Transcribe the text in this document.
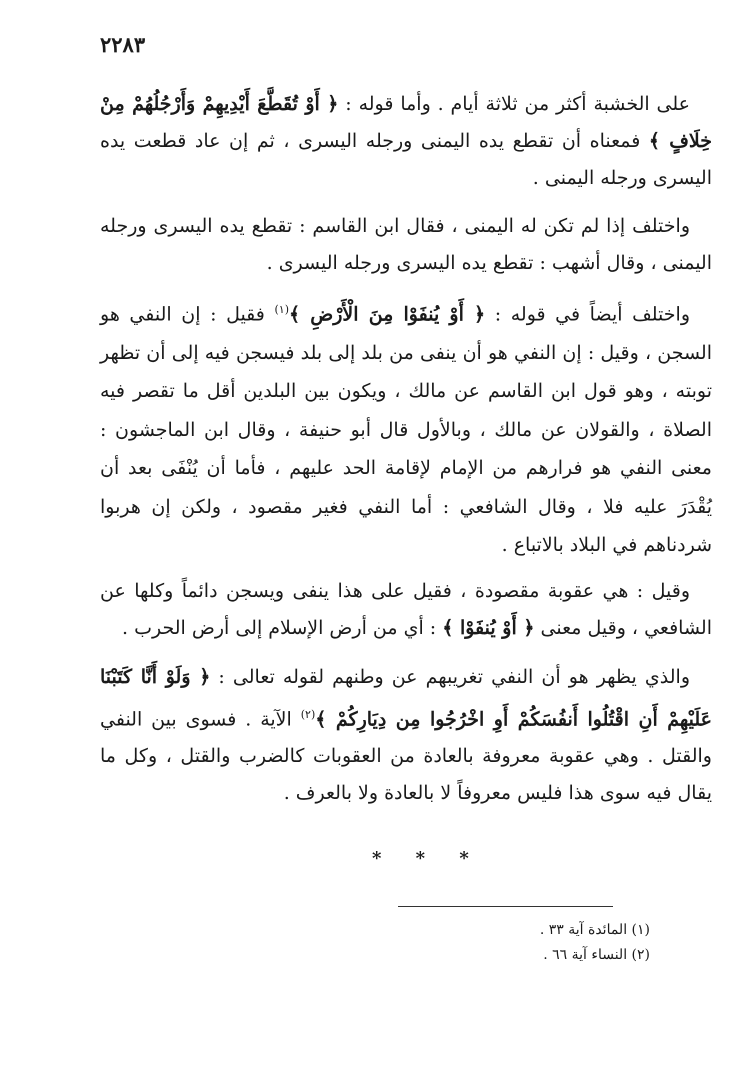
٢٢٨٣

على الخشبة أكثر من ثلاثة أيام . وأما قوله : ﴿ أَوْ تُقَطَّعَ أَيْدِيهِمْ وَأَرْجُلُهُمْ مِنْ خِلَافٍ ﴾ فمعناه أن تقطع يده اليمنى ورجله اليسرى ، ثم إن عاد قطعت يده اليسرى ورجله اليمنى .

واختلف إذا لم تكن له اليمنى ، فقال ابن القاسم : تقطع يده اليسرى ورجله اليمنى ، وقال أشهب : تقطع يده اليسرى ورجله اليسرى .

واختلف أيضاً في قوله : ﴿ أَوْ يُنفَوْا مِنَ الْأَرْضِ ﴾$^{(١)}$ فقيل : إن النفي هو السجن ، وقيل : إن النفي هو أن ينفى من بلد إلى بلد فيسجن فيه إلى أن تظهر توبته ، وهو قول ابن القاسم عن مالك ، ويكون بين البلدين أقل ما تقصر فيه الصلاة ، والقولان عن مالك ، وبالأول قال أبو حنيفة ، وقال ابن الماجشون : معنى النفي هو فرارهم من الإمام لإقامة الحد عليهم ، فأما أن يُنْفَى بعد أن يُقْدَرَ عليه فلا ، وقال الشافعي : أما النفي فغير مقصود ، ولكن إن هربوا شردناهم في البلاد بالاتباع .

وقيل : هي عقوبة مقصودة ، فقيل على هذا ينفى ويسجن دائماً وكلها عن الشافعي ، وقيل معنى ﴿ أَوْ يُنفَوْا ﴾ : أي من أرض الإسلام إلى أرض الحرب .

والذي يظهر هو أن النفي تغريبهم عن وطنهم لقوله تعالى : ﴿ وَلَوْ أَنَّا كَتَبْنَا عَلَيْهِمْ أَنِ اقْتُلُوا أَنفُسَكُمْ أَوِ اخْرُجُوا مِن دِيَارِكُمْ ﴾$^{(٢)}$ الآية . فسوى بين النفي والقتل . وهي عقوبة معروفة بالعادة من العقوبات كالضرب والقتل ، وكل ما يقال فيه سوى هذا فليس معروفاً لا بالعادة ولا بالعرف .

* * *

(١) المائدة آية ٣٣ .

(٢) النساء آية ٦٦ .
